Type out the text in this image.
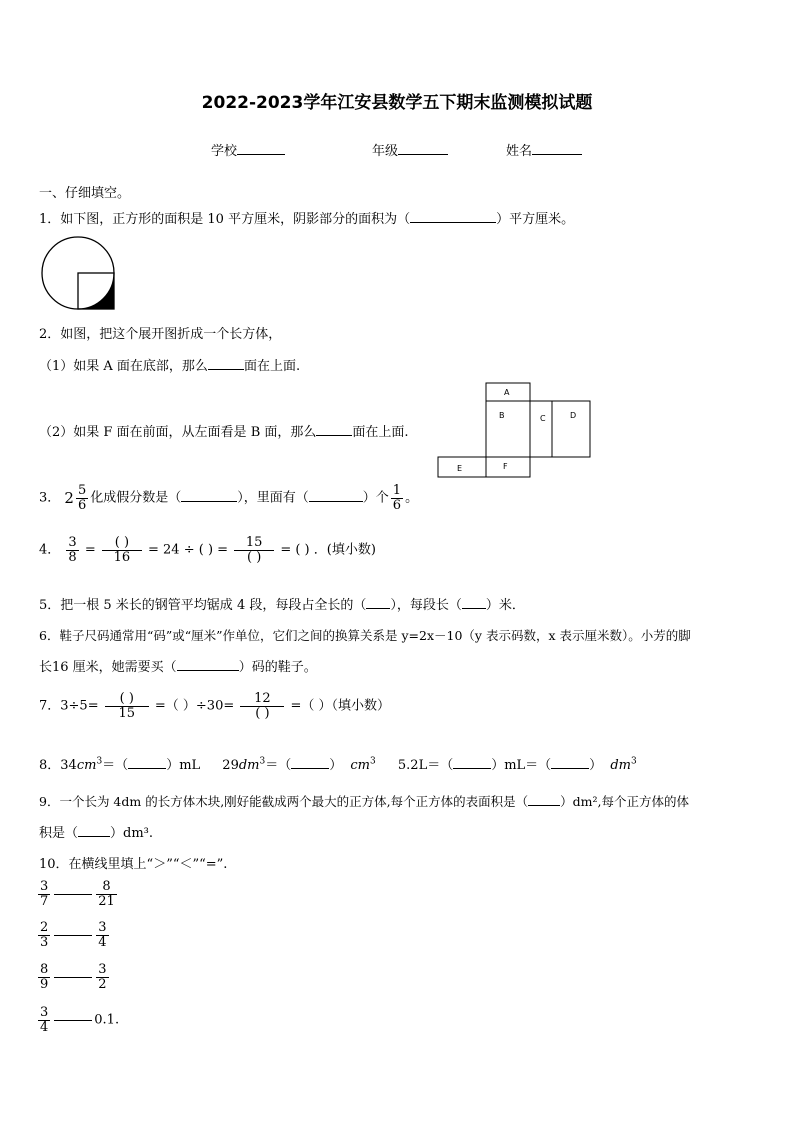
2022-2023学年江安县数学五下期末监测模拟试题
学校	年级	姓名
一、仔细填空。
1．如下图，正方形的面积是 10 平方厘米，阴影部分的面积为（	）平方厘米。
2．如图，把这个展开图折成一个长方体，
（1）如果 A 面在底部，那么	面在上面.
（2）如果 F 面在前面，从左面看是 B 面，那么	面在上面.
A
B	C	D
F
E
3． $2 \frac{5}{6}$ 化成假分数是（	），里面有（	）个 $\frac{1}{6}$ 。
4． $\frac{3}{8} = \frac{( )}{16} = 24$ ÷ ( ) = $\frac{15}{( )}$ = ( ) ．(填小数)
5．把一根 5 米长的钢管平均锯成 4 段，每段占全长的（ ），每段长（ ）米．
6．鞋子尺码通常用“码”或“厘米”作单位，它们之间的换算关系是 y=2x－10（y 表示码数，x 表示厘米数）。小芳的脚
长16 厘米，她需要买（	）码的鞋子。
7．$3\div 5= \frac{( )}{15}$ =（ ）$\div 30= \frac{12}{( )}$ =（ ）（填小数）
8．$34cm^3=$（	）mL $29dm^3=$（	） $cm^3$ 5.2L＝（	）mL＝（	） $dm^3$
9．一个长为 4dm 的长方体木块,刚好能截成两个最大的正方体,每个正方体的表面积是（	）dm²,每个正方体的体
积是（ ）dm³.
10．在横线里填上“＞”“＜”“=”.
$\frac{3}{7}$	$\frac{8}{21}$
$\frac{2}{3}$	$\frac{3}{4}$
$\frac{8}{9}$	$\frac{3}{2}$
$\frac{3}{4}$	0.1.
